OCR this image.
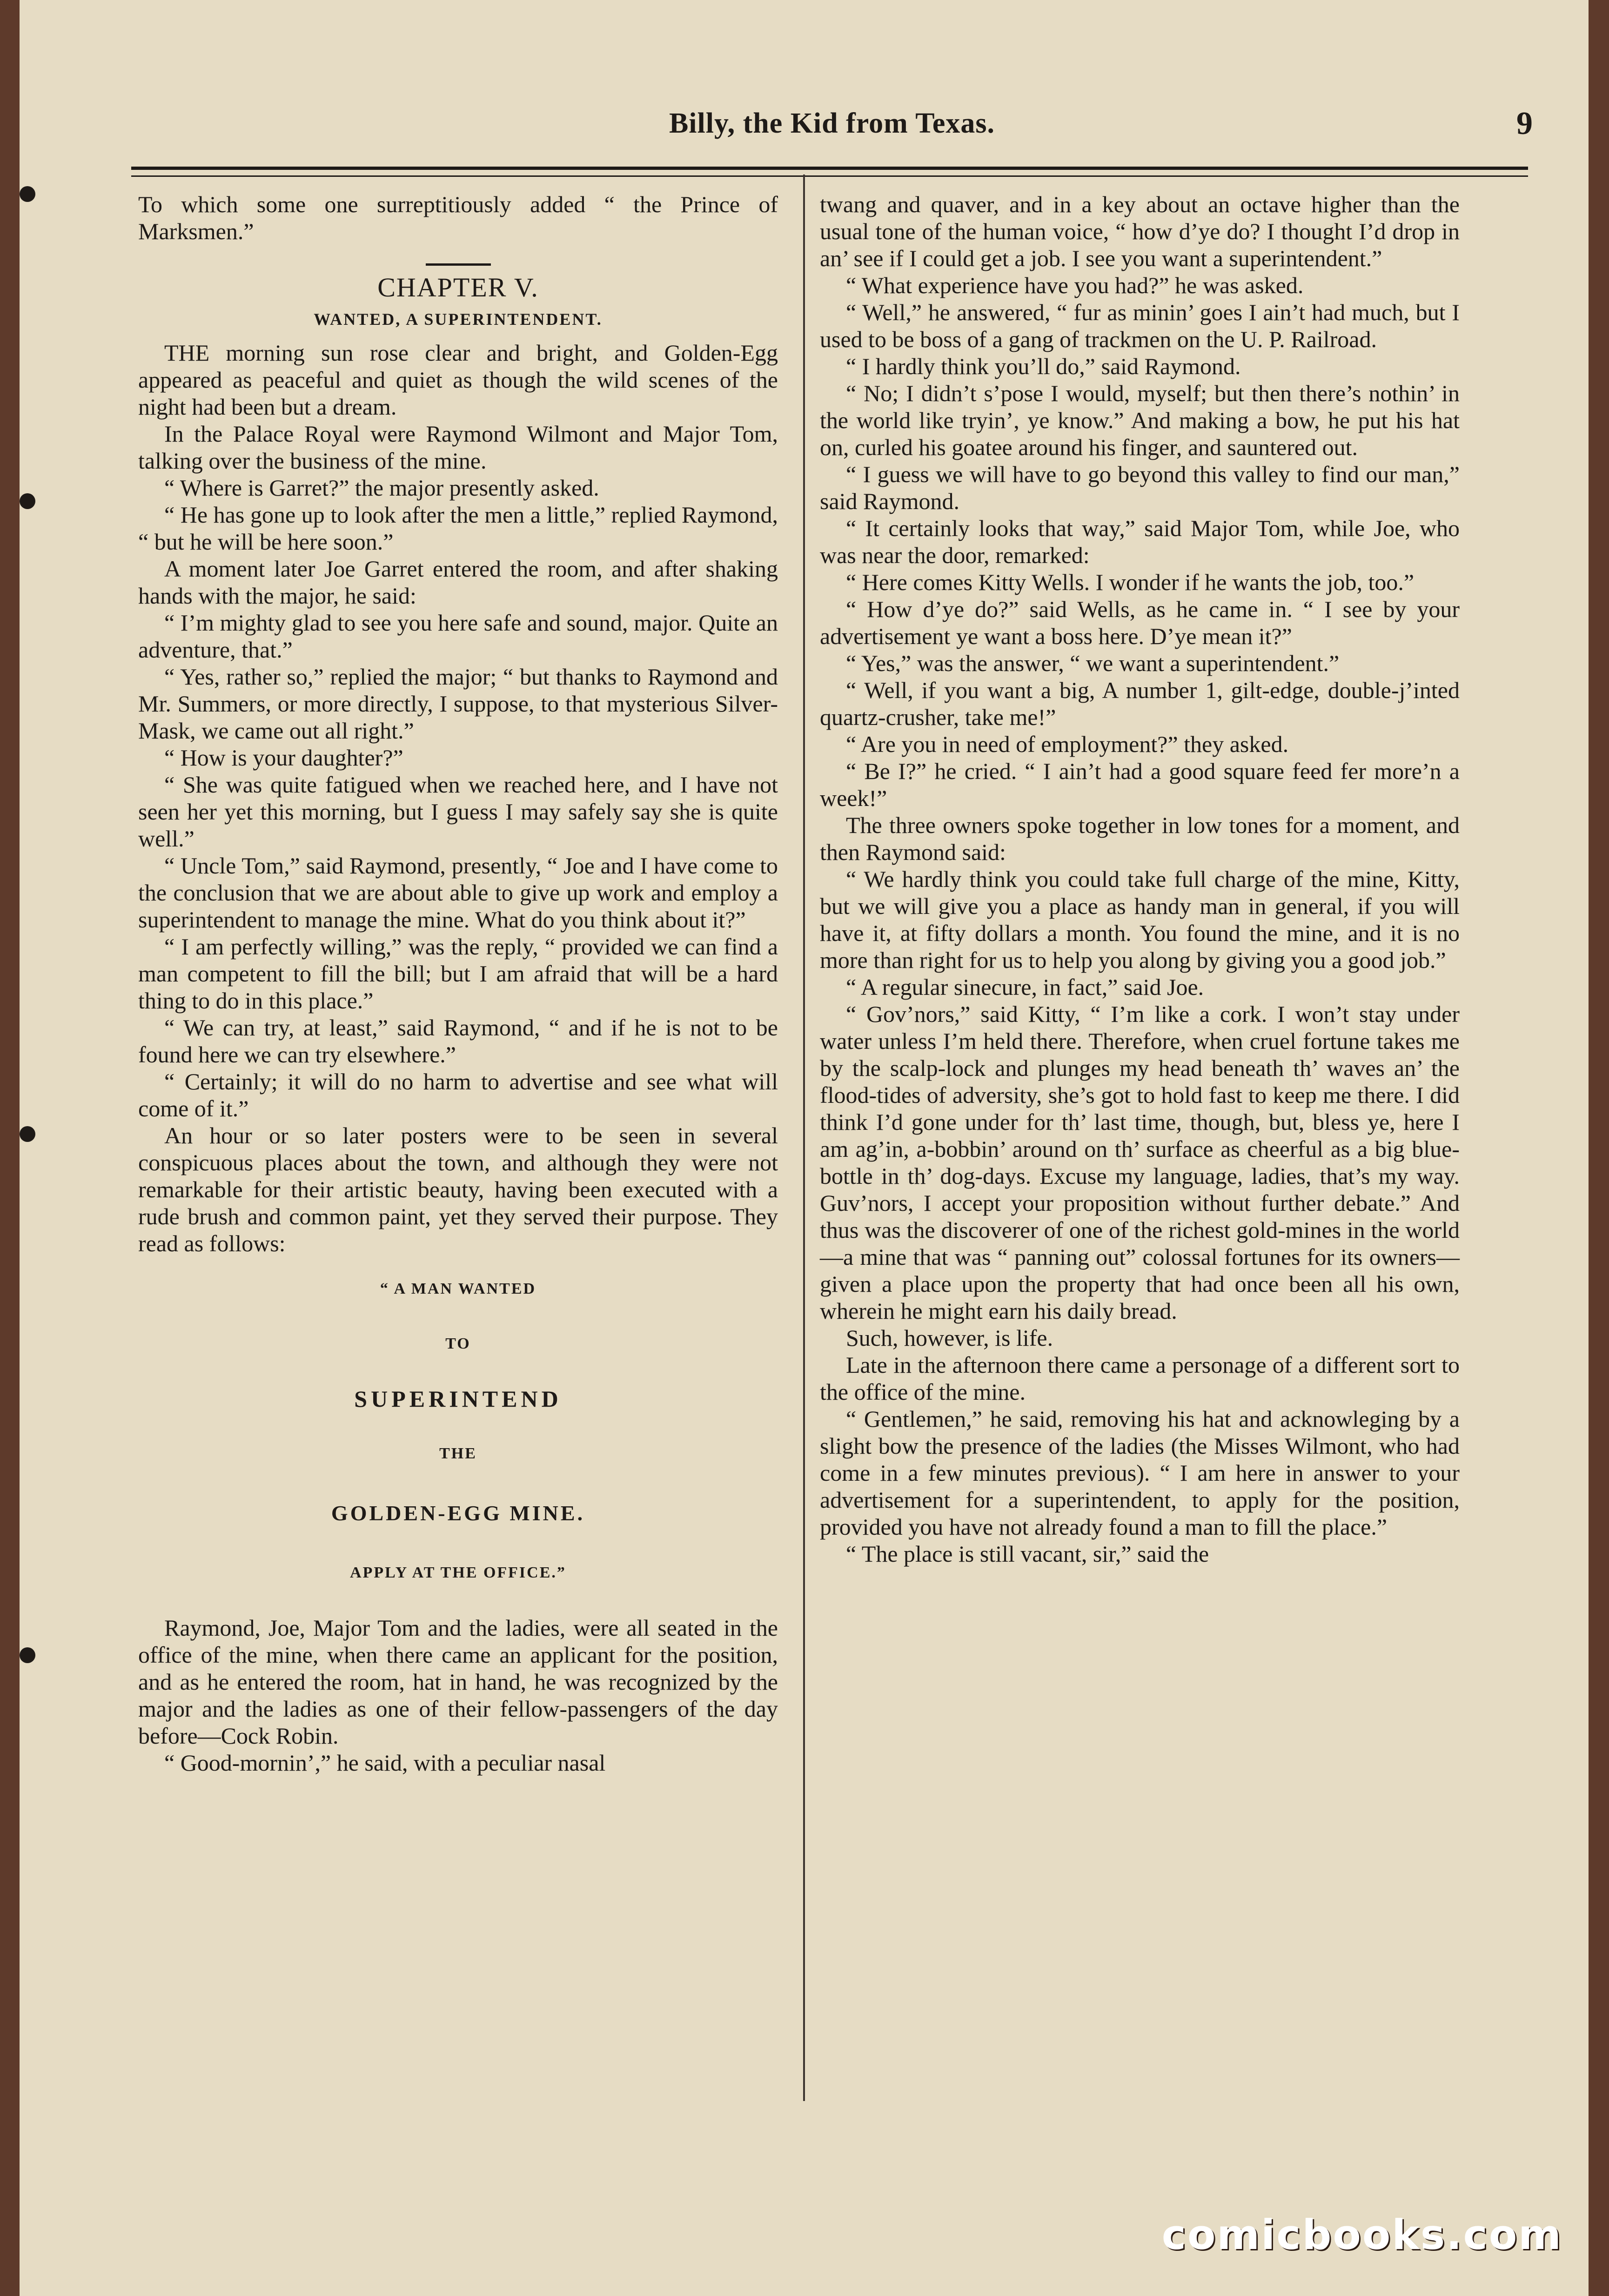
Billy, the Kid from Texas.	9

To which some one surreptitiously added “ the Prince of Marksmen.”

CHAPTER V.
WANTED, A SUPERINTENDENT.

THE morning sun rose clear and bright, and Golden-Egg appeared as peaceful and quiet as though the wild scenes of the night had been but a dream.

In the Palace Royal were Raymond Wilmont and Major Tom, talking over the business of the mine.

“ Where is Garret?” the major presently asked.

“ He has gone up to look after the men a little,” replied Raymond, “ but he will be here soon.”

A moment later Joe Garret entered the room, and after shaking hands with the major, he said:

“ I’m mighty glad to see you here safe and sound, major. Quite an adventure, that.”

“ Yes, rather so,” replied the major; “ but thanks to Raymond and Mr. Summers, or more directly, I suppose, to that mysterious Silver-Mask, we came out all right.”

“ How is your daughter?”

“ She was quite fatigued when we reached here, and I have not seen her yet this morning, but I guess I may safely say she is quite well.”

“ Uncle Tom,” said Raymond, presently, “ Joe and I have come to the conclusion that we are about able to give up work and employ a superintendent to manage the mine. What do you think about it?”

“ I am perfectly willing,” was the reply, “ provided we can find a man competent to fill the bill; but I am afraid that will be a hard thing to do in this place.”

“ We can try, at least,” said Raymond, “ and if he is not to be found here we can try elsewhere.”

“ Certainly; it will do no harm to advertise and see what will come of it.”

An hour or so later posters were to be seen in several conspicuous places about the town, and although they were not remarkable for their artistic beauty, having been executed with a rude brush and common paint, yet they served their purpose. They read as follows:

“ A MAN WANTED
TO
SUPERINTEND
THE
GOLDEN-EGG MINE.
APPLY AT THE OFFICE.”

Raymond, Joe, Major Tom and the ladies, were all seated in the office of the mine, when there came an applicant for the position, and as he entered the room, hat in hand, he was recognized by the major and the ladies as one of their fellow-passengers of the day before—Cock Robin.

“ Good-mornin’,” he said, with a peculiar nasal

twang and quaver, and in a key about an octave higher than the usual tone of the human voice, “ how d’ye do? I thought I’d drop in an’ see if I could get a job. I see you want a superintendent.”

“ What experience have you had?” he was asked.

“ Well,” he answered, “ fur as minin’ goes I ain’t had much, but I used to be boss of a gang of trackmen on the U. P. Railroad.

“ I hardly think you’ll do,” said Raymond.

“ No; I didn’t s’pose I would, myself; but then there’s nothin’ in the world like tryin’, ye know.” And making a bow, he put his hat on, curled his goatee around his finger, and sauntered out.

“ I guess we will have to go beyond this valley to find our man,” said Raymond.

“ It certainly looks that way,” said Major Tom, while Joe, who was near the door, remarked:

“ Here comes Kitty Wells. I wonder if he wants the job, too.”

“ How d’ye do?” said Wells, as he came in. “ I see by your advertisement ye want a boss here. D’ye mean it?”

“ Yes,” was the answer, “ we want a superintendent.”

“ Well, if you want a big, A number 1, gilt-edge, double-j’inted quartz-crusher, take me!”

“ Are you in need of employment?” they asked.

“ Be I?” he cried. “ I ain’t had a good square feed fer more’n a week!”

The three owners spoke together in low tones for a moment, and then Raymond said:

“ We hardly think you could take full charge of the mine, Kitty, but we will give you a place as handy man in general, if you will have it, at fifty dollars a month. You found the mine, and it is no more than right for us to help you along by giving you a good job.”

“ A regular sinecure, in fact,” said Joe.

“ Gov’nors,” said Kitty, “ I’m like a cork. I won’t stay under water unless I’m held there. Therefore, when cruel fortune takes me by the scalp-lock and plunges my head beneath th’ waves an’ the flood-tides of adversity, she’s got to hold fast to keep me there. I did think I’d gone under for th’ last time, though, but, bless ye, here I am ag’in, a-bobbin’ around on th’ surface as cheerful as a big blue-bottle in th’ dog-days. Excuse my language, ladies, that’s my way. Guv’nors, I accept your proposition without further debate.” And thus was the discoverer of one of the richest gold-mines in the world—a mine that was “ panning out” colossal fortunes for its owners—given a place upon the property that had once been all his own, wherein he might earn his daily bread.

Such, however, is life.

Late in the afternoon there came a personage of a different sort to the office of the mine.

“ Gentlemen,” he said, removing his hat and acknowleging by a slight bow the presence of the ladies (the Misses Wilmont, who had come in a few minutes previous). “ I am here in answer to your advertisement for a superintendent, to apply for the position, provided you have not already found a man to fill the place.”

“ The place is still vacant, sir,” said the

comicbooks.com
